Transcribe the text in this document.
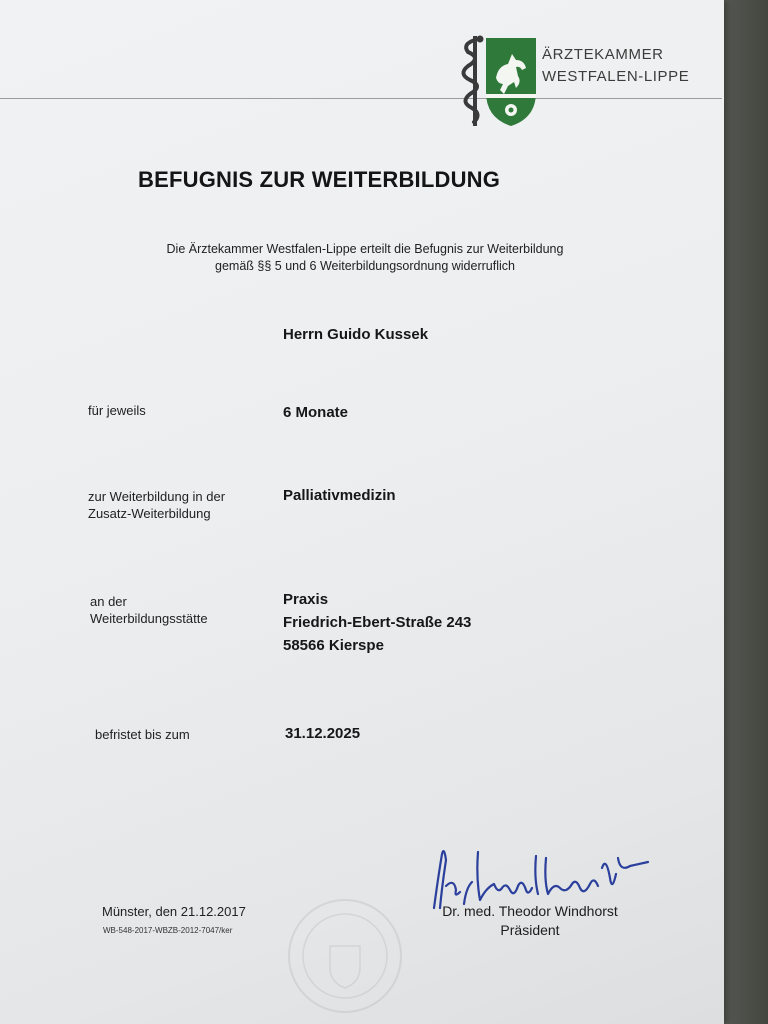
ÄRZTEKAMMER
WESTFALEN-LIPPE
BEFUGNIS ZUR WEITERBILDUNG
Die Ärztekammer Westfalen-Lippe erteilt die Befugnis zur Weiterbildung
gemäß §§ 5 und 6 Weiterbildungsordnung widerruflich
Herrn Guido Kussek
für jeweils	6 Monate
zur Weiterbildung in der
Zusatz-Weiterbildung
Palliativmedizin
an der
Weiterbildungsstätte
Praxis
Friedrich-Ebert-Straße 243
58566 Kierspe
befristet bis zum	31.12.2025
Münster, den 21.12.2017
WB-548-2017-WBZB-2012-7047/ker
Dr. med. Theodor Windhorst
Präsident
